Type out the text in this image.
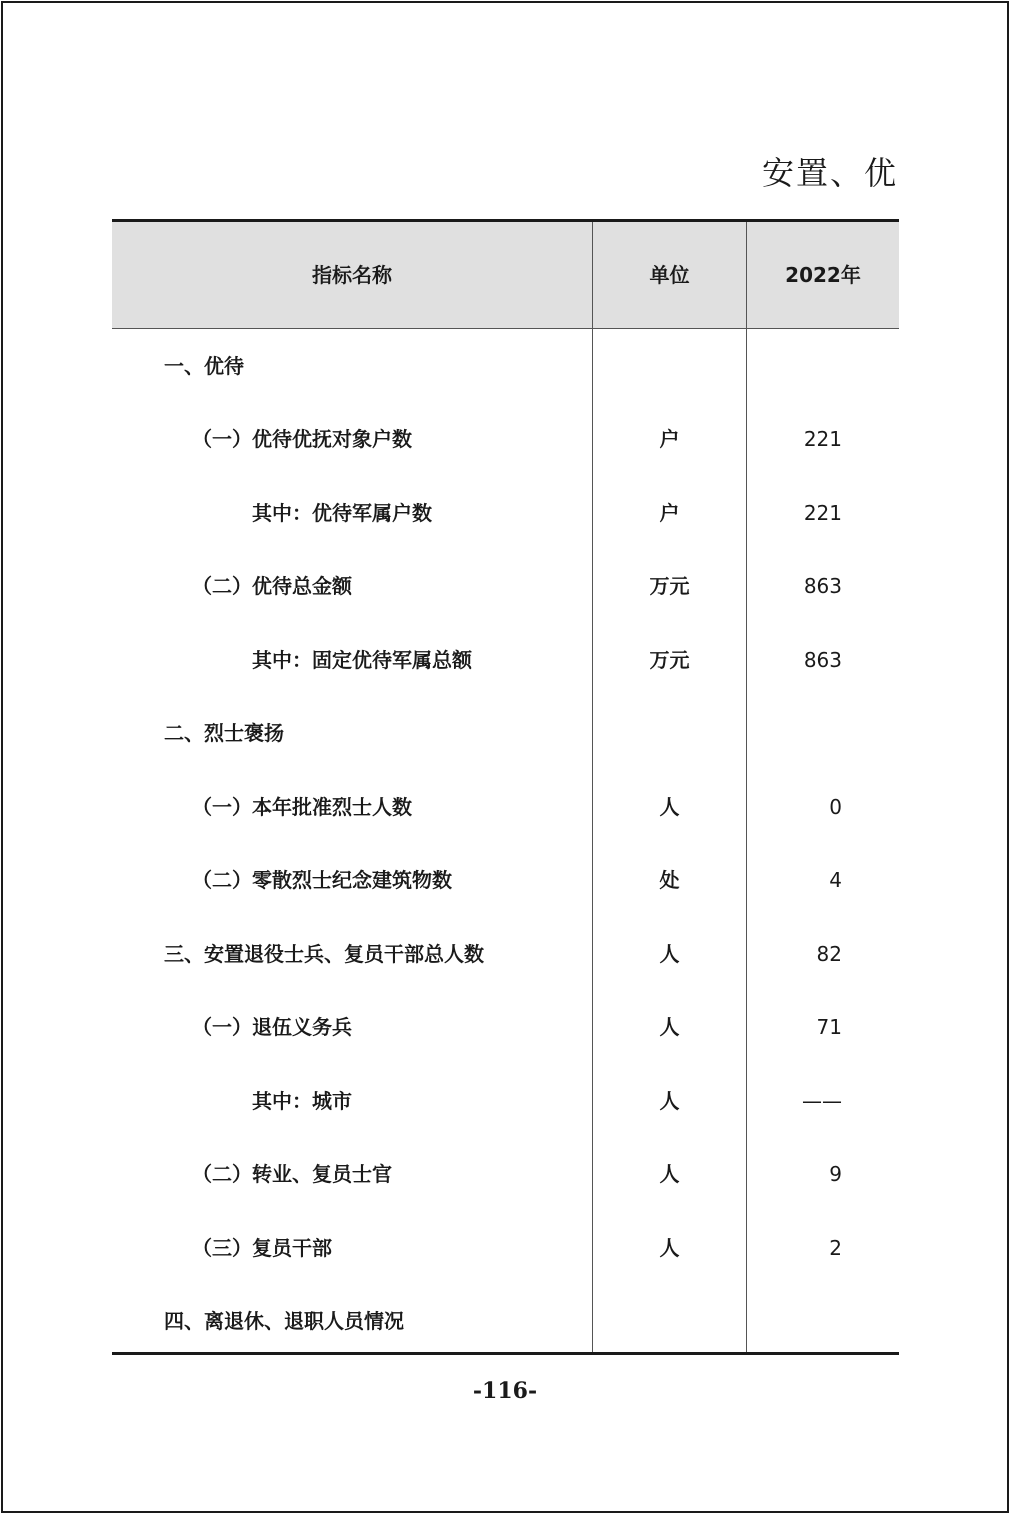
安置、优
指标名称	单位	2022年
一、优待
（一）优待优抚对象户数	户	221
其中：优待军属户数	户	221
（二）优待总金额	万元	863
其中：固定优待军属总额	万元	863
二、烈士褒扬
（一）本年批准烈士人数	人	0
（二）零散烈士纪念建筑物数	处	4
三、安置退役士兵、复员干部总人数	人	82
（一）退伍义务兵	人	71
其中：城市	人	——
（二）转业、复员士官	人	9
（三）复员干部	人	2
四、离退休、退职人员情况
-116-
